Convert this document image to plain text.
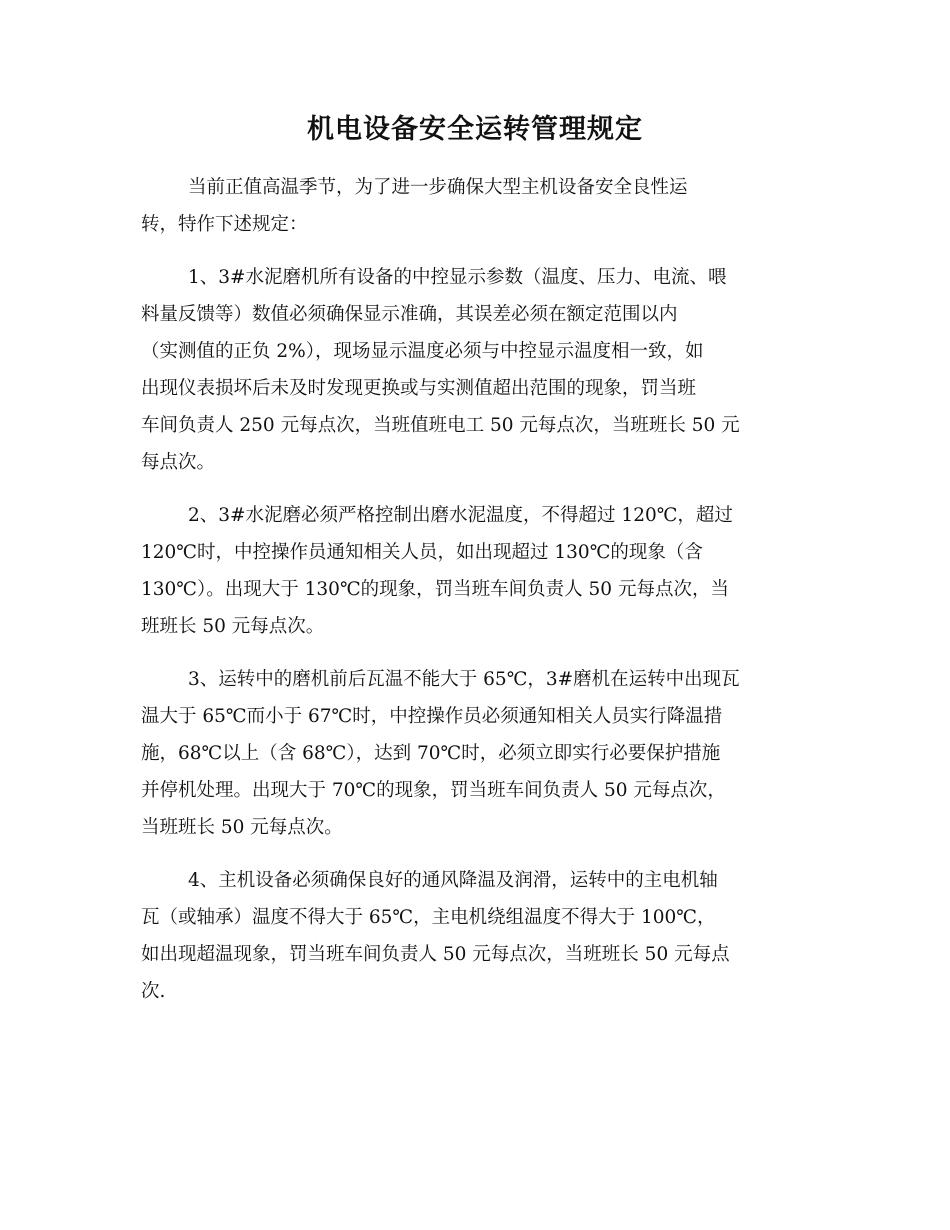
机电设备安全运转管理规定

当前正值高温季节，为了进一步确保大型主机设备安全良性运
转，特作下述规定：

1、3#水泥磨机所有设备的中控显示参数（温度、压力、电流、喂
料量反馈等）数值必须确保显示准确，其误差必须在额定范围以内
（实测值的正负 2%），现场显示温度必须与中控显示温度相一致，如
出现仪表损坏后未及时发现更换或与实测值超出范围的现象，罚当班
车间负责人 250 元每点次，当班值班电工 50 元每点次，当班班长 50 元
每点次。

2、3#水泥磨必须严格控制出磨水泥温度，不得超过 120℃，超过
120℃时，中控操作员通知相关人员，如出现超过 130℃的现象（含
130℃）。出现大于 130℃的现象，罚当班车间负责人 50 元每点次，当
班班长 50 元每点次。

3、运转中的磨机前后瓦温不能大于 65℃，3#磨机在运转中出现瓦
温大于 65℃而小于 67℃时，中控操作员必须通知相关人员实行降温措
施，68℃以上（含 68℃），达到 70℃时，必须立即实行必要保护措施
并停机处理。出现大于 70℃的现象，罚当班车间负责人 50 元每点次，
当班班长 50 元每点次。

4、主机设备必须确保良好的通风降温及润滑，运转中的主电机轴
瓦（或轴承）温度不得大于 65℃，主电机绕组温度不得大于 100℃，
如出现超温现象，罚当班车间负责人 50 元每点次，当班班长 50 元每点
次.
